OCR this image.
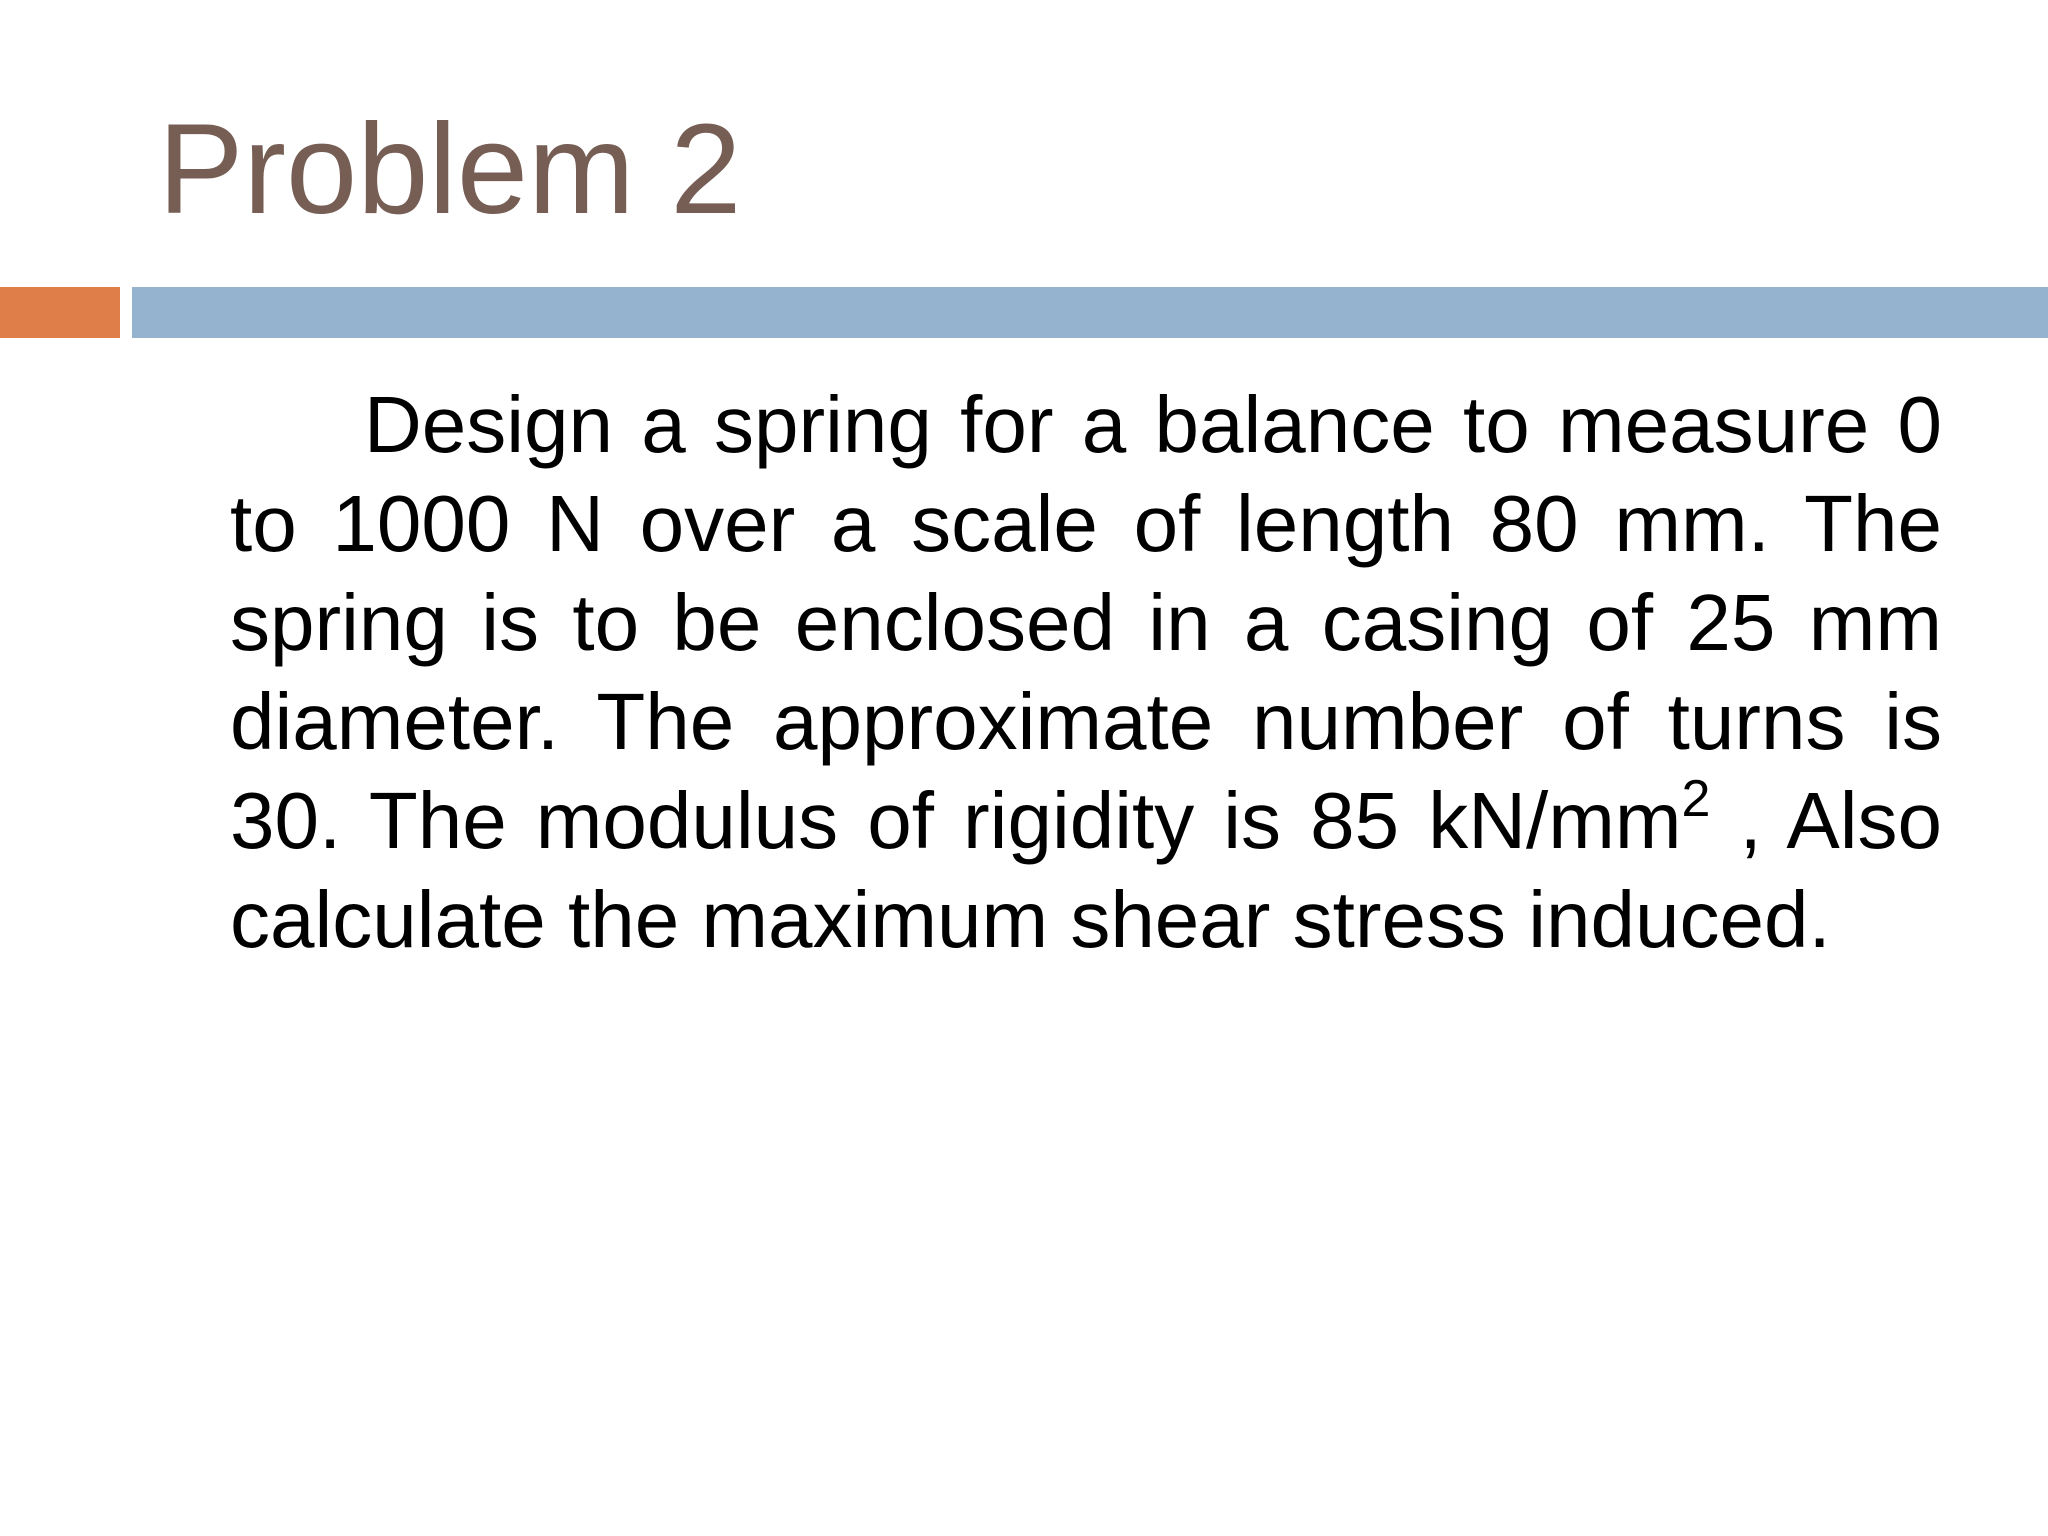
Problem 2

Design a spring for a balance to measure 0 to 1000 N over a scale of length 80 mm. The spring is to be enclosed in a casing of 25 mm diameter. The approximate number of turns is 30. The modulus of rigidity is 85 $kN/mm^2$ , Also calculate the maximum shear stress induced.
